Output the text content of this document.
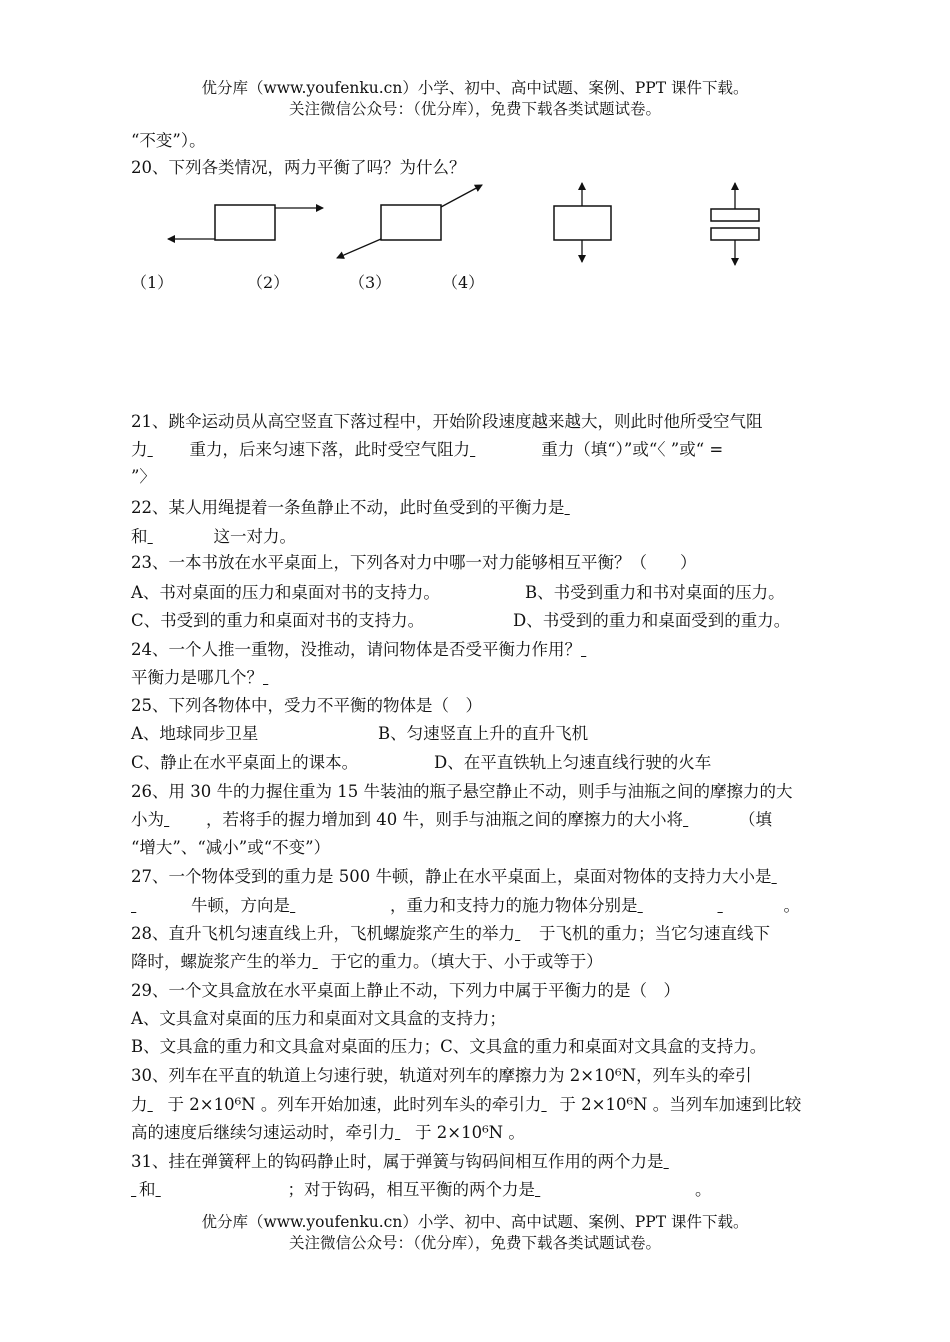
优分库（www.youfenku.cn）小学、初中、高中试题、案例、PPT 课件下载。
关注微信公众号：（优分库），免费下载各类试题试卷。
“不变”）。
20、下列各类情况，两力平衡了吗？为什么？
（1）	（2）	（3）	（4）
21、跳伞运动员从高空竖直下落过程中，开始阶段速度越来越大，则此时他所受空气阻
力	重力，后来匀速下落，此时受空气阻力	重力（填“）”或“〈 ”或“ =
”〉
22、某人用绳提着一条鱼静止不动，此时鱼受到的平衡力是
和	这一对力。
23、一本书放在水平桌面上，下列各对力中哪一对力能够相互平衡？（　　）
A、书对桌面的压力和桌面对书的支持力。	B、书受到重力和书对桌面的压力。
C、书受到的重力和桌面对书的支持力。	D、书受到的重力和桌面受到的重力。
24、一个人推一重物，没推动，请问物体是否受平衡力作用？
平衡力是哪几个？
25、下列各物体中，受力不平衡的物体是（　）
A、地球同步卫星	B、匀速竖直上升的直升飞机
C、静止在水平桌面上的课本。	D、在平直铁轨上匀速直线行驶的火车
26、用 30 牛的力握住重为 15 牛装油的瓶子悬空静止不动，则手与油瓶之间的摩擦力的大
小为	，若将手的握力增加到 40 牛，则手与油瓶之间的摩擦力的大小将	（填
“增大”、“减小”或“不变”）
27、一个物体受到的重力是 500 牛顿，静止在水平桌面上，桌面对物体的支持力大小是
牛顿，方向是	，重力和支持力的施力物体分别是	。
28、直升飞机匀速直线上升，飞机螺旋浆产生的举力 于飞机的重力；当它匀速直线下
降时，螺旋浆产生的举力 于它的重力。（填大于、小于或等于）
29、一个文具盒放在水平桌面上静止不动，下列力中属于平衡力的是（　）
A、文具盒对桌面的压力和桌面对文具盒的支持力；
B、文具盒的重力和文具盒对桌面的压力；C、文具盒的重力和桌面对文具盒的支持力。
30、列车在平直的轨道上匀速行驶，轨道对列车的摩擦力为 2×10⁶N，列车头的牵引
力 于 2×10⁶N 。列车开始加速，此时列车头的牵引力 于 2×10⁶N 。当列车加速到比较
高的速度后继续匀速运动时，牵引力 于 2×10⁶N 。
31、挂在弹簧秤上的钩码静止时，属于弹簧与钩码间相互作用的两个力是
和	；对于钩码，相互平衡的两个力是	。
优分库（www.youfenku.cn）小学、初中、高中试题、案例、PPT 课件下载。
关注微信公众号：（优分库），免费下载各类试题试卷。
